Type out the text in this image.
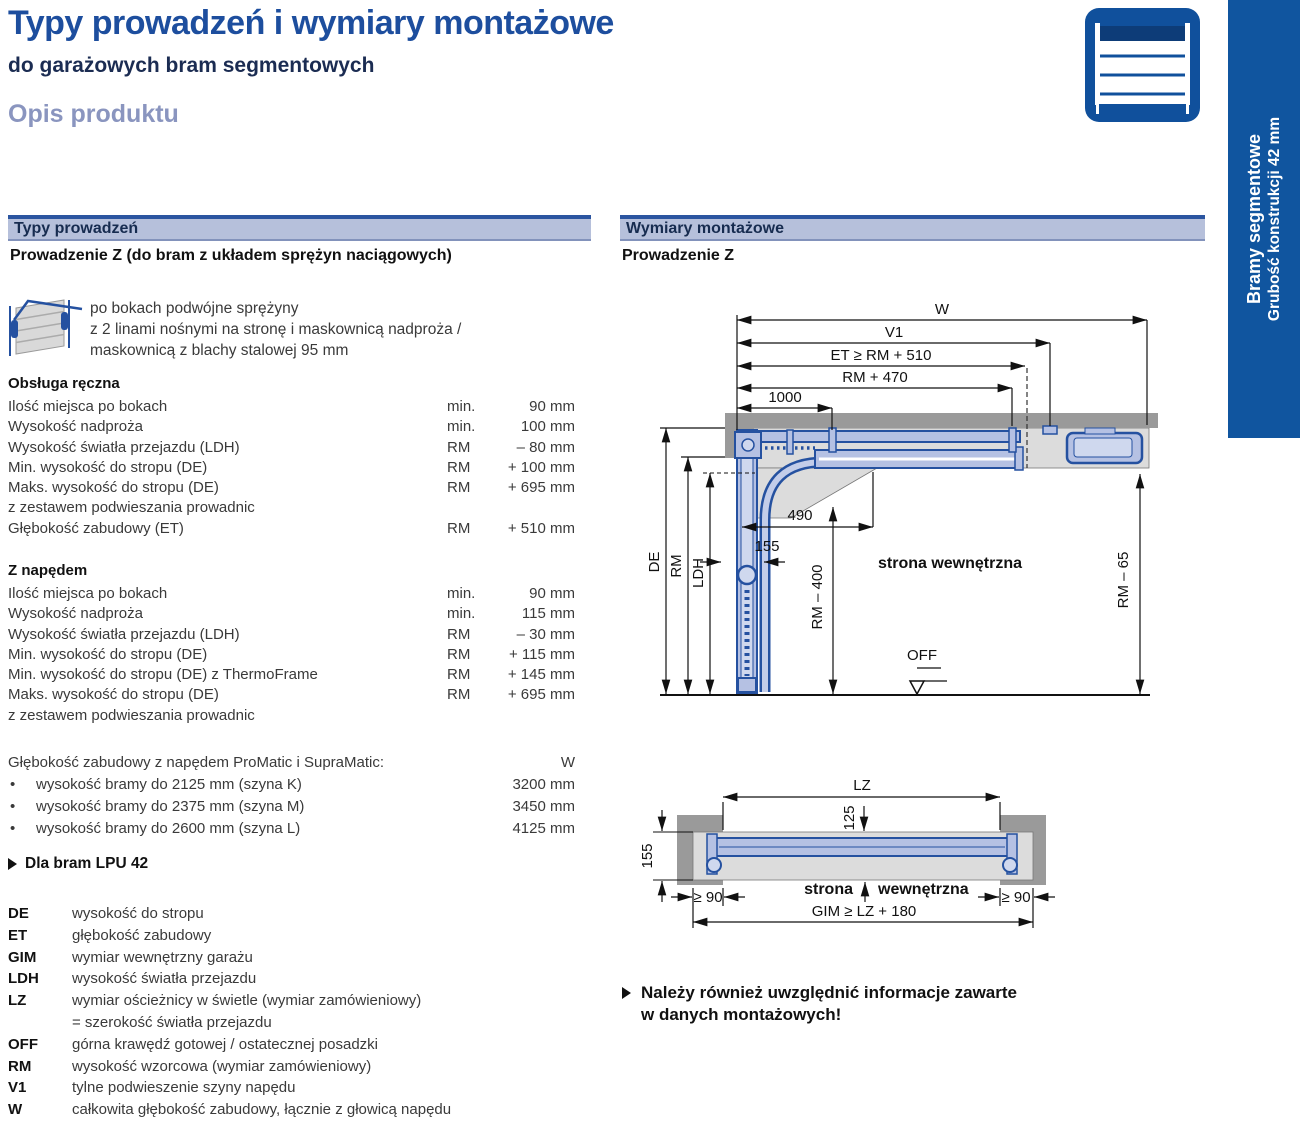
Typy prowadzeń i wymiary montażowe
do garażowych bram segmentowych
Opis produktu
Bramy segmentowe Grubość konstrukcji 42 mm
Typy prowadzeń
Prowadzenie Z (do bram z układem sprężyn naciągowych)
po bokach podwójne sprężyny
z 2 linami nośnymi na stronę i maskownicą nadproża /
maskownicą z blachy stalowej 95 mm
Obsługa ręczna
Ilość miejsca po bokach	min.	90 mm
Wysokość nadproża	min.	100 mm
Wysokość światła przejazdu (LDH)	RM	– 80 mm
Min. wysokość do stropu (DE)	RM	+ 100 mm
Maks. wysokość do stropu (DE)	RM	+ 695 mm
z zestawem podwieszania prowadnic
Głębokość zabudowy (ET)	RM	+ 510 mm
Z napędem
Ilość miejsca po bokach	min.	90 mm
Wysokość nadproża	min.	115 mm
Wysokość światła przejazdu (LDH)	RM	– 30 mm
Min. wysokość do stropu (DE)	RM	+ 115 mm
Min. wysokość do stropu (DE) z ThermoFrame	RM	+ 145 mm
Maks. wysokość do stropu (DE)	RM	+ 695 mm
z zestawem podwieszania prowadnic
Głębokość zabudowy z napędem ProMatic i SupraMatic:	W
•	wysokość bramy do 2125 mm (szyna K)	3200 mm
•	wysokość bramy do 2375 mm (szyna M)	3450 mm
•	wysokość bramy do 2600 mm (szyna L)	4125 mm
Dla bram LPU 42
DE	wysokość do stropu
ET	głębokość zabudowy
GIM	wymiar wewnętrzny garażu
LDH	wysokość światła przejazdu
LZ	wymiar ościeżnicy w świetle (wymiar zamówieniowy)
= szerokość światła przejazdu
OFF	górna krawędź gotowej / ostatecznej posadzki
RM	wysokość wzorcowa (wymiar zamówieniowy)
V1	tylne podwieszenie szyny napędu
W	całkowita głębokość zabudowy, łącznie z głowicą napędu
Wymiary montażowe
Prowadzenie Z
W
V1
ET ≥ RM + 510
RM + 470
1000
DE RM LDH
490
155
RM – 400	RM – 65
strona wewnętrzna
OFF
LZ
125
155
strona wewnętrzna
≥ 90	≥ 90
GIM ≥ LZ + 180
Należy również uwzględnić informacje zawarte
w danych montażowych!
